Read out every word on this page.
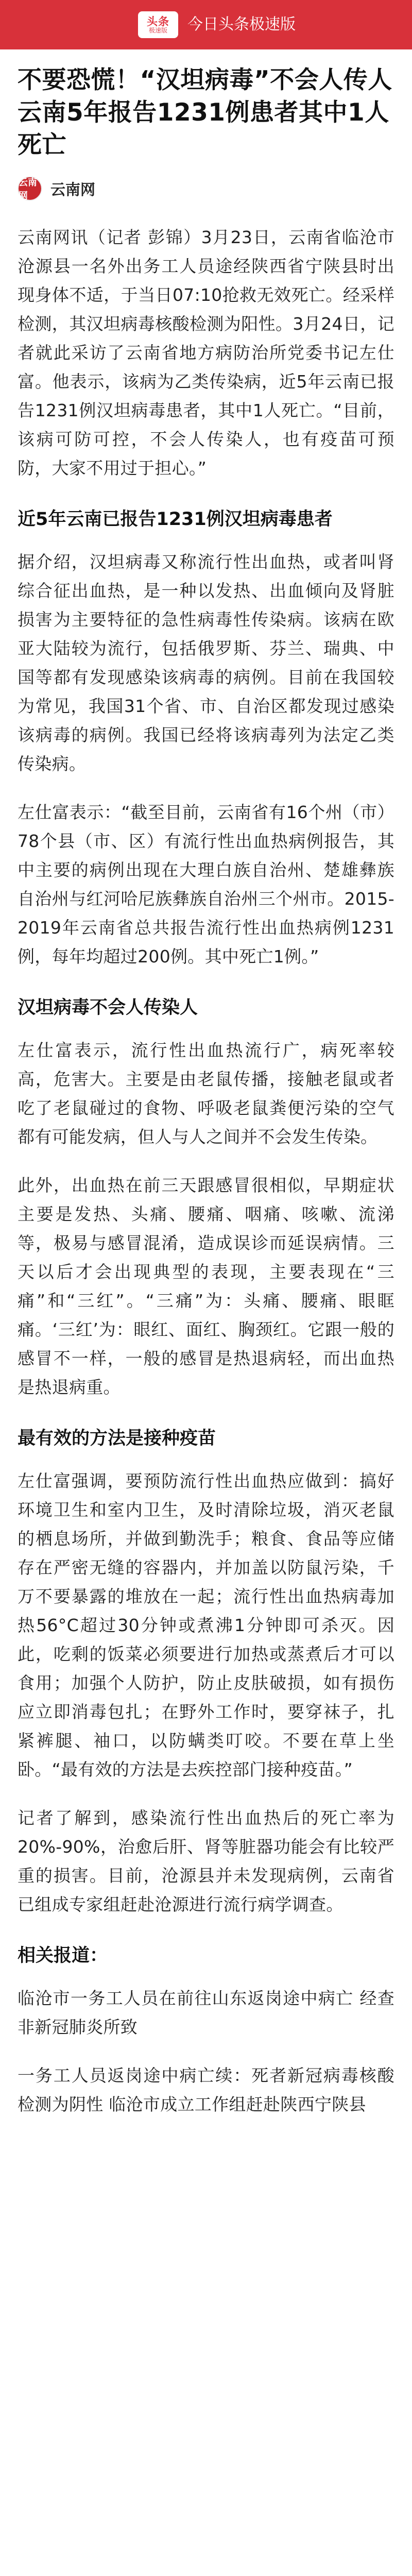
头条
极速版 今日头条极速版
不要恐慌！“汉坦病毒”不会人传人 云南5年报告1231例患者其中1人死亡
云南网	云南网

云南网讯（记者 彭锦）3月23日，云南省临沧市沧源县一名外出务工人员途经陕西省宁陕县时出现身体不适，于当日07:10抢救无效死亡。经采样检测，其汉坦病毒核酸检测为阳性。3月24日，记者就此采访了云南省地方病防治所党委书记左仕富。他表示，该病为乙类传染病，近5年云南已报告1231例汉坦病毒患者，其中1人死亡。“目前，该病可防可控，不会人传染人，也有疫苗可预防，大家不用过于担心。”

近5年云南已报告1231例汉坦病毒患者

据介绍，汉坦病毒又称流行性出血热，或者叫肾综合征出血热，是一种以发热、出血倾向及肾脏损害为主要特征的急性病毒性传染病。该病在欧亚大陆较为流行，包括俄罗斯、芬兰、瑞典、中国等都有发现感染该病毒的病例。目前在我国较为常见，我国31个省、市、自治区都发现过感染该病毒的病例。我国已经将该病毒列为法定乙类传染病。

左仕富表示：“截至目前，云南省有16个州（市）78个县（市、区）有流行性出血热病例报告，其中主要的病例出现在大理白族自治州、楚雄彝族自治州与红河哈尼族彝族自治州三个州市。2015-2019年云南省总共报告流行性出血热病例1231例，每年均超过200例。其中死亡1例。”

汉坦病毒不会人传染人

左仕富表示，流行性出血热流行广，病死率较高，危害大。主要是由老鼠传播，接触老鼠或者吃了老鼠碰过的食物、呼吸老鼠粪便污染的空气都有可能发病，但人与人之间并不会发生传染。

此外，出血热在前三天跟感冒很相似，早期症状主要是发热、头痛、腰痛、咽痛、咳嗽、流涕等，极易与感冒混淆，造成误诊而延误病情。三天以后才会出现典型的表现，主要表现在“三痛”和“三红”。“三痛”为：头痛、腰痛、眼眶痛。‘三红’为：眼红、面红、胸颈红。它跟一般的感冒不一样，一般的感冒是热退病轻，而出血热是热退病重。

最有效的方法是接种疫苗

左仕富强调，要预防流行性出血热应做到：搞好环境卫生和室内卫生，及时清除垃圾，消灭老鼠的栖息场所，并做到勤洗手；粮食、食品等应储存在严密无缝的容器内，并加盖以防鼠污染，千万不要暴露的堆放在一起；流行性出血热病毒加热56°C超过30分钟或煮沸1分钟即可杀灭。因此，吃剩的饭菜必须要进行加热或蒸煮后才可以食用；加强个人防护，防止皮肤破损，如有损伤应立即消毒包扎；在野外工作时，要穿袜子，扎紧裤腿、袖口，以防螨类叮咬。不要在草上坐卧。“最有效的方法是去疾控部门接种疫苗。”

记者了解到，感染流行性出血热后的死亡率为20%-90%，治愈后肝、肾等脏器功能会有比较严重的损害。目前，沧源县并未发现病例，云南省已组成专家组赶赴沧源进行流行病学调查。

相关报道：

临沧市一务工人员在前往山东返岗途中病亡 经查非新冠肺炎所致

一务工人员返岗途中病亡续：死者新冠病毒核酸检测为阴性 临沧市成立工作组赶赴陕西宁陕县
